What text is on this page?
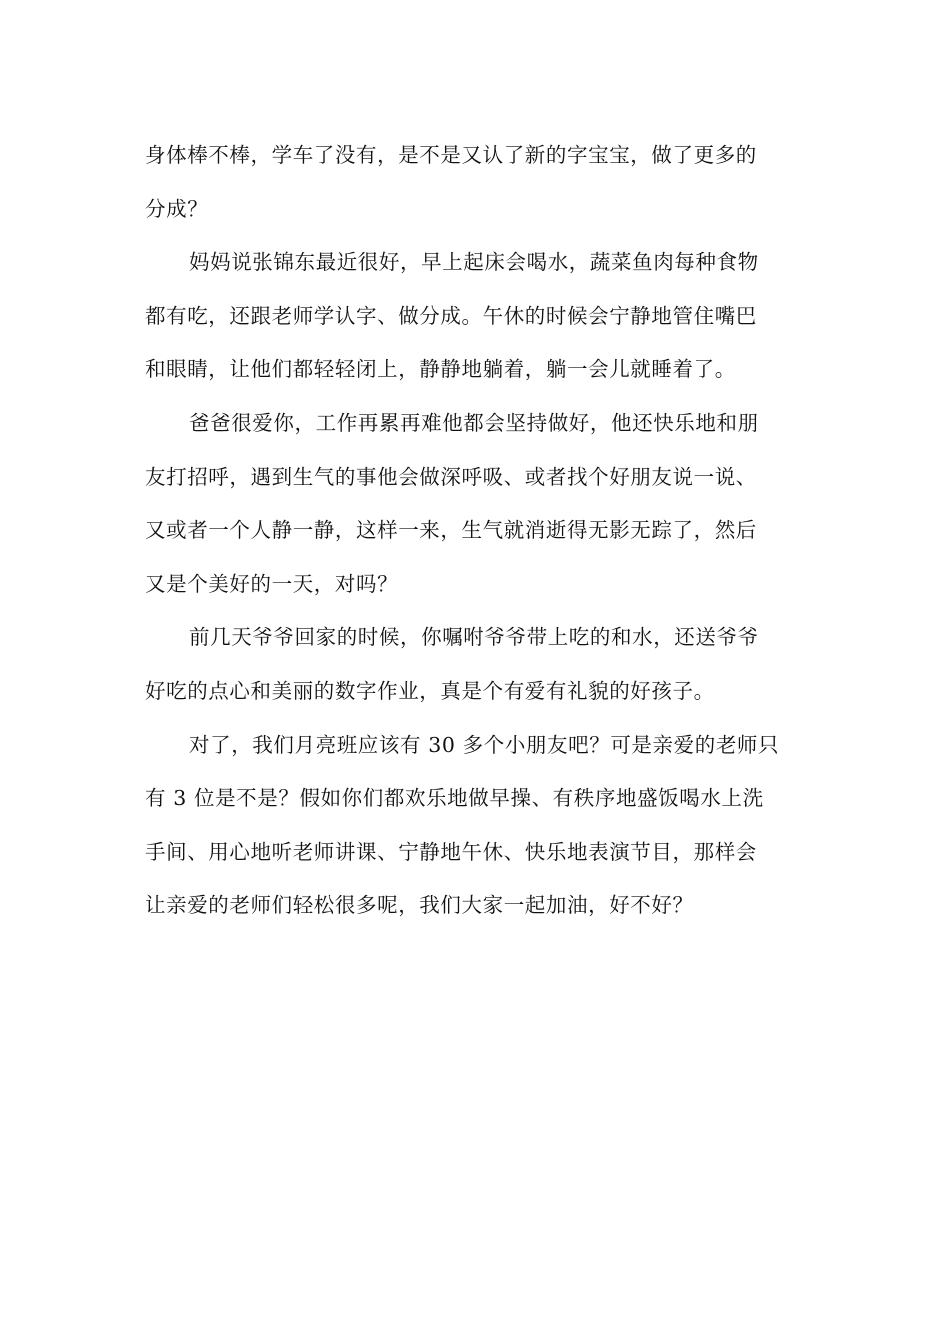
身体棒不棒，学车了没有，是不是又认了新的字宝宝，做了更多的
分成？
妈妈说张锦东最近很好，早上起床会喝水，蔬菜鱼肉每种食物
都有吃，还跟老师学认字、做分成。午休的时候会宁静地管住嘴巴
和眼睛，让他们都轻轻闭上，静静地躺着，躺一会儿就睡着了。
爸爸很爱你，工作再累再难他都会坚持做好，他还快乐地和朋
友打招呼，遇到生气的事他会做深呼吸、或者找个好朋友说一说、
又或者一个人静一静，这样一来，生气就消逝得无影无踪了，然后
又是个美好的一天，对吗？
前几天爷爷回家的时候，你嘱咐爷爷带上吃的和水，还送爷爷
好吃的点心和美丽的数字作业，真是个有爱有礼貌的好孩子。
对了，我们月亮班应该有 30 多个小朋友吧？可是亲爱的老师只
有 3 位是不是？假如你们都欢乐地做早操、有秩序地盛饭喝水上洗
手间、用心地听老师讲课、宁静地午休、快乐地表演节目，那样会
让亲爱的老师们轻松很多呢，我们大家一起加油，好不好？
